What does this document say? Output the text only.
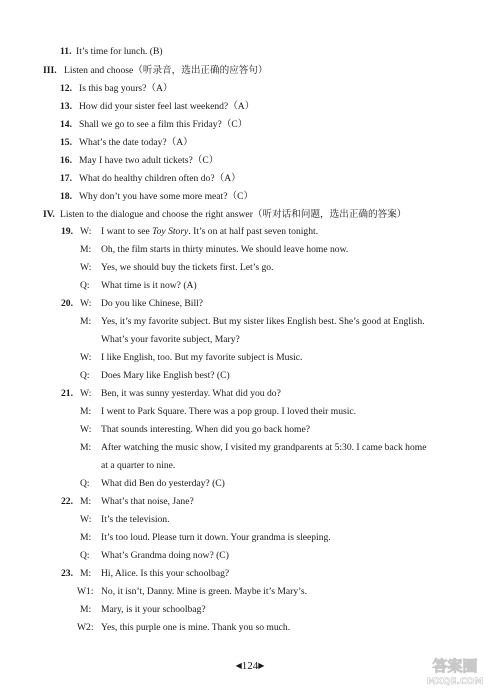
11. It’s time for lunch. (B)
III. Listen and choose（听录音，选出正确的应答句）
12. Is this bag yours?（A）
13. How did your sister feel last weekend?（A）
14. Shall we go to see a film this Friday?（C）
15. What’s the date today?（A）
16. May I have two adult tickets?（C）
17. What do healthy children often do?（A）
18. Why don’t you have some more meat?（C）
IV. Listen to the dialogue and choose the right answer（听对话和问题，选出正确的答案）
19. W: I want to see Toy Story. It’s on at half past seven tonight.
M: Oh, the film starts in thirty minutes. We should leave home now.
W: Yes, we should buy the tickets first. Let’s go.
Q: What time is it now? (A)
20. W: Do you like Chinese, Bill?
M: Yes, it’s my favorite subject. But my sister likes English best. She’s good at English.
What’s your favorite subject, Mary?
W: I like English, too. But my favorite subject is Music.
Q: Does Mary like English best? (C)
21. W: Ben, it was sunny yesterday. What did you do?
M: I went to Park Square. There was a pop group. I loved their music.
W: That sounds interesting. When did you go back home?
M: After watching the music show, I visited my grandparents at 5:30. I came back home
at a quarter to nine.
Q: What did Ben do yesterday? (C)
22. M: What’s that noise, Jane?
W: It’s the television.
M: It’s too loud. Please turn it down. Your grandma is sleeping.
Q: What’s Grandma doing now? (C)
23. M: Hi, Alice. Is this your schoolbag?
W1: No, it isn’t, Danny. Mine is green. Maybe it’s Mary’s.
M: Mary, is it your schoolbag?
W2: Yes, this purple one is mine. Thank you so much.
◀124▶	答案圈
MXQE.COM
